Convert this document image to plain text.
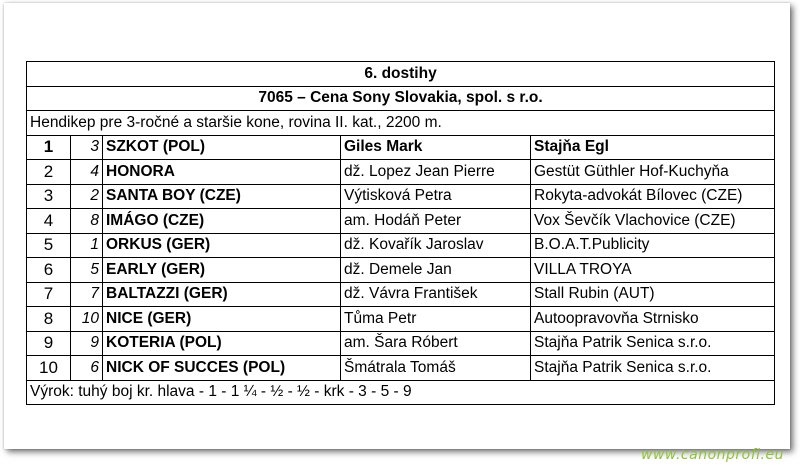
6. dostihy				
7065 – Cena Sony Slovakia, spol. s r.o.				
Hendikep pre 3-ročné a staršie kone, rovina II. kat., 2200 m.				
1	3	SZKOT (POL)	Giles Mark	Stajňa Egl
2	4	HONORA	dž. Lopez Jean Pierre	Gestüt Güthler Hof-Kuchyňa
3	2	SANTA BOY (CZE)	Výtisková Petra	Rokyta-advokát Bílovec (CZE)
4	8	IMÁGO (CZE)	am. Hodáň Peter	Vox Ševčík Vlachovice (CZE)
5	1	ORKUS (GER)	dž. Kovařík Jaroslav	B.O.A.T.Publicity
6	5	EARLY (GER)	dž. Demele Jan	VILLA TROYA
7	7	BALTAZZI (GER)	dž. Vávra František	Stall Rubin (AUT)
8	10	NICE (GER)	Tůma Petr	Autoopravovňa Strnisko
9	9	KOTERIA (POL)	am. Šara Róbert	Stajňa Patrik Senica s.r.o.
10	6	NICK OF SUCCES (POL)	Šmátrala Tomáš	Stajňa Patrik Senica s.r.o.
Výrok: tuhý boj kr. hlava - 1 - 1 ¼ - ½ - ½ - krk - 3 - 5 - 9				
www.canonprofi.eu
